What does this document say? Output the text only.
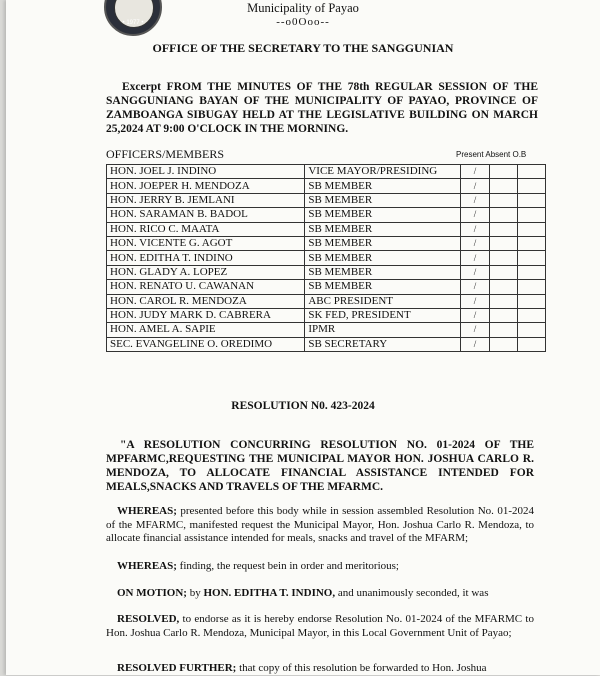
• 1977 •
Municipality of Payao
--o0Ooo--
OFFICE OF THE SECRETARY TO THE SANGGUNIAN
Excerpt FROM THE MINUTES OF THE 78th REGULAR SESSION OF THE SANGGUNIANG BAYAN OF THE MUNICIPALITY OF PAYAO, PROVINCE OF ZAMBOANGA SIBUGAY HELD AT THE LEGISLATIVE BUILDING ON MARCH 25,2024 AT 9:00 O'CLOCK IN THE MORNING.
OFFICERS/MEMBERS	Present Absent O.B
HON. JOEL J. INDINO	VICE MAYOR/PRESIDING	/		
HON. JOEPER H. MENDOZA	SB MEMBER	/		
HON. JERRY B. JEMLANI	SB MEMBER	/		
HON. SARAMAN B. BADOL	SB MEMBER	/		
HON. RICO C. MAATA	SB MEMBER	/		
HON. VICENTE G. AGOT	SB MEMBER	/		
HON. EDITHA T. INDINO	SB MEMBER	/		
HON. GLADY A. LOPEZ	SB MEMBER	/		
HON. RENATO U. CAWANAN	SB MEMBER	/		
HON. CAROL R. MENDOZA	ABC PRESIDENT	/		
HON. JUDY MARK D. CABRERA	SK FED, PRESIDENT	/		
HON. AMEL A. SAPIE	IPMR	/		
SEC. EVANGELINE O. OREDIMO	SB SECRETARY	/		
RESOLUTION N0. 423-2024
"A RESOLUTION CONCURRING RESOLUTION NO. 01-2024 OF THE MPFARMC,REQUESTING THE MUNICIPAL MAYOR HON. JOSHUA CARLO R. MENDOZA, TO ALLOCATE FINANCIAL ASSISTANCE INTENDED FOR MEALS,SNACKS AND TRAVELS OF THE MFARMC.
WHEREAS; presented before this body while in session assembled Resolution No. 01-2024 of the MFARMC, manifested request the Municipal Mayor, Hon. Joshua Carlo R. Mendoza, to allocate financial assistance intended for meals, snacks and travel of the MFARM;
WHEREAS; finding, the request bein in order and meritorious;
ON MOTION; by HON. EDITHA T. INDINO, and unanimously seconded, it was
RESOLVED, to endorse as it is hereby endorse Resolution No. 01-2024 of the MFARMC to Hon. Joshua Carlo R. Mendoza, Municipal Mayor, in this Local Government Unit of Payao;
RESOLVED FURTHER; that copy of this resolution be forwarded to Hon. Joshua
